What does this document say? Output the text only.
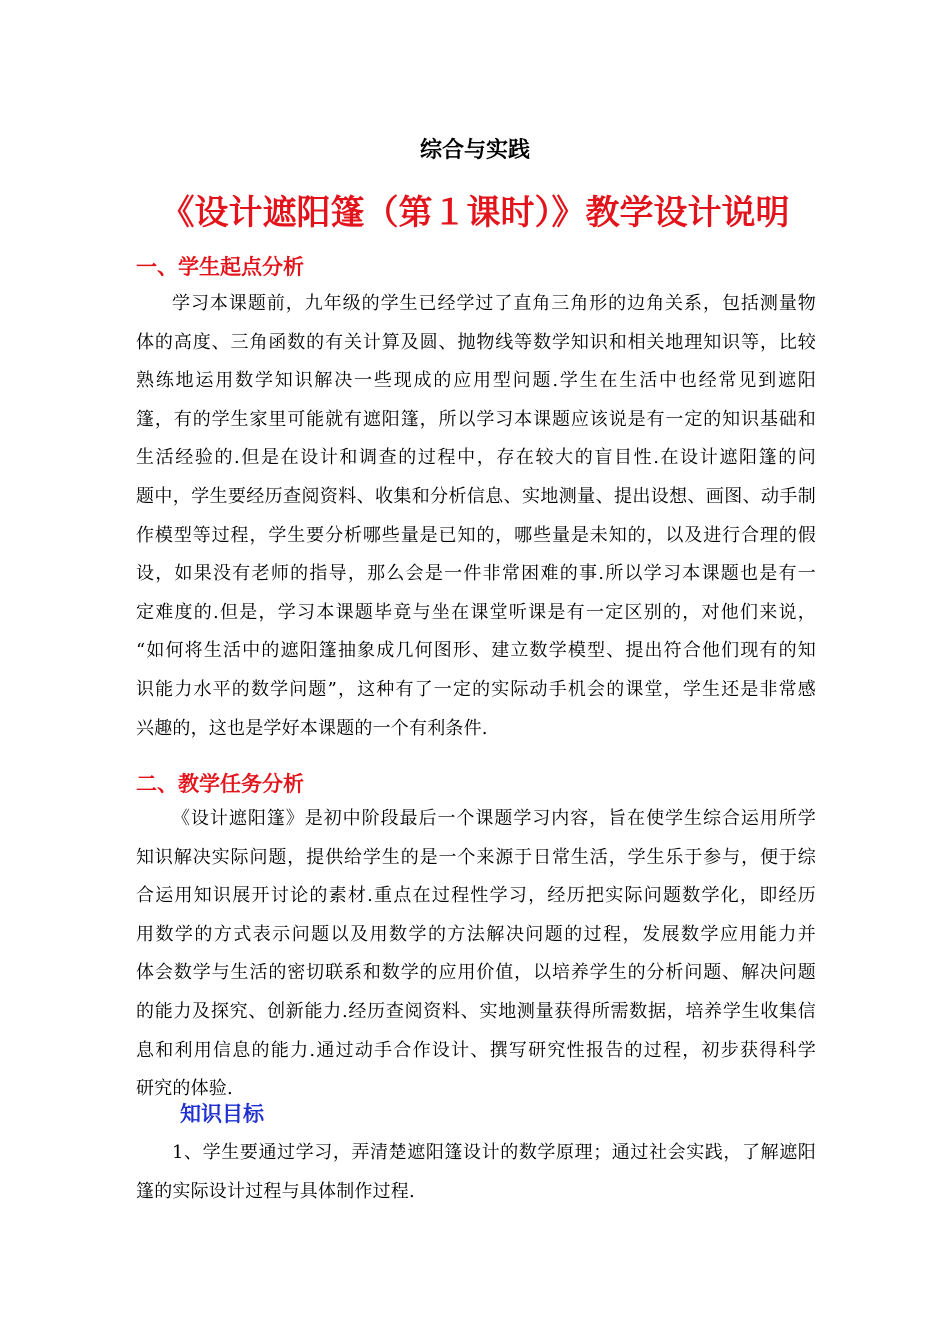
综合与实践
《设计遮阳篷（第１课时）》教学设计说明
一、学生起点分析
学习本课题前，九年级的学生已经学过了直角三角形的边角关系，包括测量物
体的高度、三角函数的有关计算及圆、抛物线等数学知识和相关地理知识等，比较
熟练地运用数学知识解决一些现成的应用型问题.学生在生活中也经常见到遮阳
篷，有的学生家里可能就有遮阳篷，所以学习本课题应该说是有一定的知识基础和
生活经验的.但是在设计和调查的过程中，存在较大的盲目性.在设计遮阳篷的问
题中，学生要经历查阅资料、收集和分析信息、实地测量、提出设想、画图、动手制
作模型等过程，学生要分析哪些量是已知的，哪些量是未知的，以及进行合理的假
设，如果没有老师的指导，那么会是一件非常困难的事.所以学习本课题也是有一
定难度的.但是，学习本课题毕竟与坐在课堂听课是有一定区别的，对他们来说，
“如何将生活中的遮阳篷抽象成几何图形、建立数学模型、提出符合他们现有的知
识能力水平的数学问题”，这种有了一定的实际动手机会的课堂，学生还是非常感
兴趣的，这也是学好本课题的一个有利条件.
二、教学任务分析
《设计遮阳篷》是初中阶段最后一个课题学习内容，旨在使学生综合运用所学
知识解决实际问题，提供给学生的是一个来源于日常生活，学生乐于参与，便于综
合运用知识展开讨论的素材.重点在过程性学习，经历把实际问题数学化，即经历
用数学的方式表示问题以及用数学的方法解决问题的过程，发展数学应用能力并
体会数学与生活的密切联系和数学的应用价值，以培养学生的分析问题、解决问题
的能力及探究、创新能力.经历查阅资料、实地测量获得所需数据，培养学生收集信
息和利用信息的能力.通过动手合作设计、撰写研究性报告的过程，初步获得科学
研究的体验.
知识目标
1、学生要通过学习，弄清楚遮阳篷设计的数学原理；通过社会实践，了解遮阳
篷的实际设计过程与具体制作过程.
